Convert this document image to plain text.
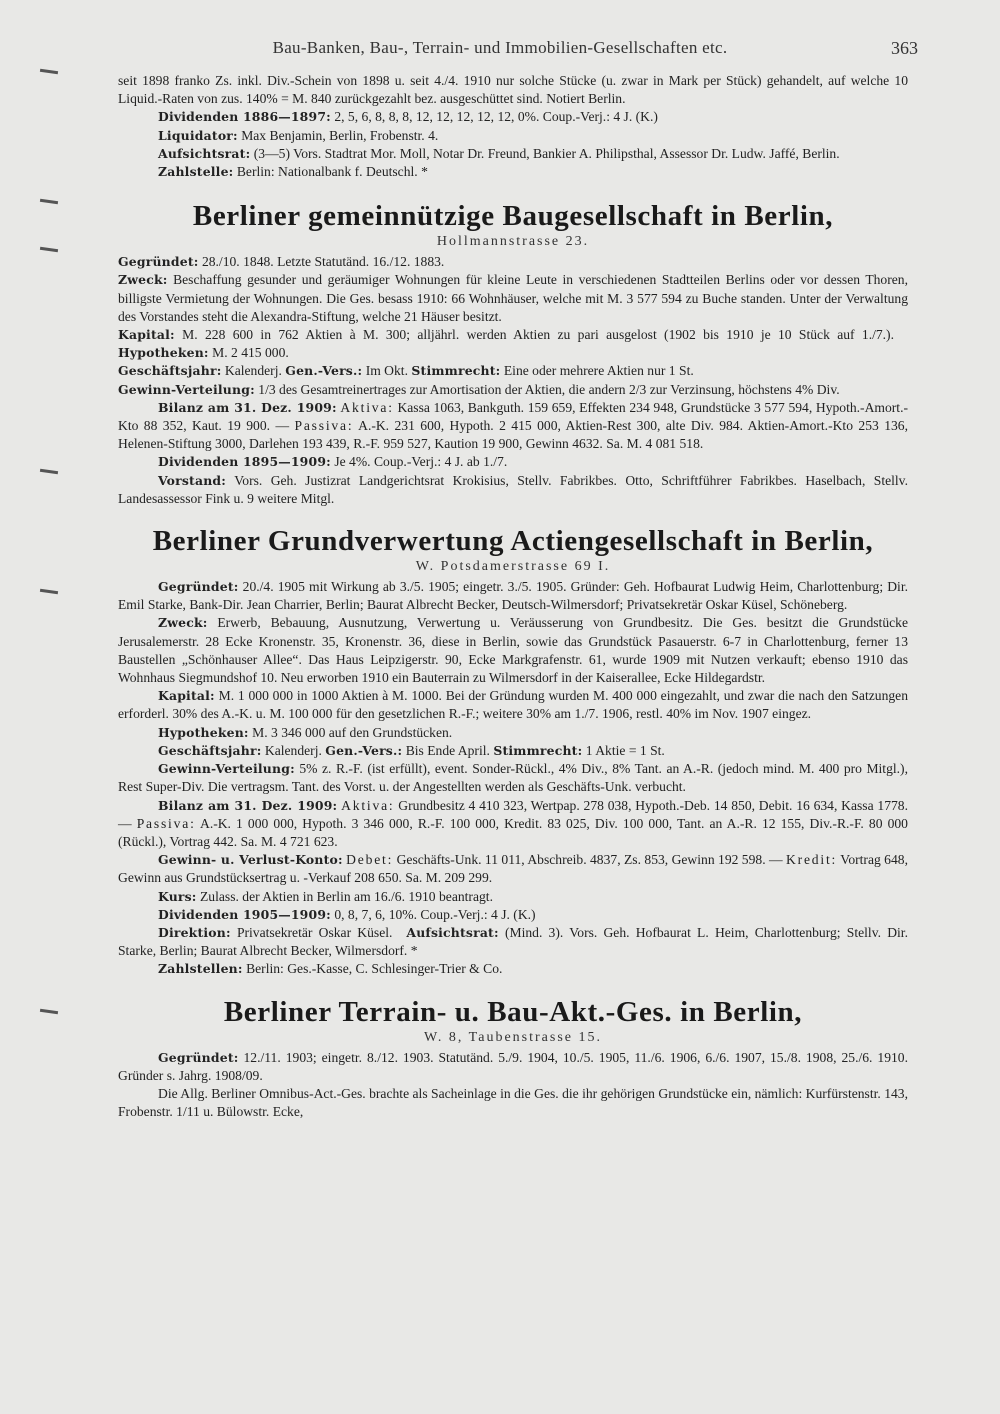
Bau-Banken, Bau-, Terrain- und Immobilien-Gesellschaften etc.	363

seit 1898 franko Zs. inkl. Div.-Schein von 1898 u. seit 4./4. 1910 nur solche Stücke (u. zwar in Mark per Stück) gehandelt, auf welche 10 Liquid.-Raten von zus. 140% = M. 840 zurückgezahlt bez. ausgeschüttet sind. Notiert Berlin.

Dividenden 1886—1897: 2, 5, 6, 8, 8, 8, 12, 12, 12, 12, 12, 0%. Coup.-Verj.: 4 J. (K.)

Liquidator: Max Benjamin, Berlin, Frobenstr. 4.

Aufsichtsrat: (3—5) Vors. Stadtrat Mor. Moll, Notar Dr. Freund, Bankier A. Philipsthal, Assessor Dr. Ludw. Jaffé, Berlin.

Zahlstelle: Berlin: Nationalbank f. Deutschl. *

Berliner gemeinnützige Baugesellschaft in Berlin,

Hollmannstrasse 23.

Gegründet: 28./10. 1848. Letzte Statutänd. 16./12. 1883.

Zweck: Beschaffung gesunder und geräumiger Wohnungen für kleine Leute in verschiedenen Stadtteilen Berlins oder vor dessen Thoren, billigste Vermietung der Wohnungen. Die Ges. besass 1910: 66 Wohnhäuser, welche mit M. 3 577 594 zu Buche standen. Unter der Verwaltung des Vorstandes steht die Alexandra-Stiftung, welche 21 Häuser besitzt.

Kapital: M. 228 600 in 762 Aktien à M. 300; alljährl. werden Aktien zu pari ausgelost (1902 bis 1910 je 10 Stück auf 1./7.).Hypotheken: M. 2 415 000.

Geschäftsjahr: Kalenderj. Gen.-Vers.: Im Okt. Stimmrecht: Eine oder mehrere Aktien nur 1 St.

Gewinn-Verteilung: 1/3 des Gesamtreinertrages zur Amortisation der Aktien, die andern 2/3 zur Verzinsung, höchstens 4% Div.

Bilanz am 31. Dez. 1909: Aktiva: Kassa 1063, Bankguth. 159 659, Effekten 234 948, Grundstücke 3 577 594, Hypoth.-Amort.-Kto 88 352, Kaut. 19 900. — Passiva: A.-K. 231 600, Hypoth. 2 415 000, Aktien-Rest 300, alte Div. 984. Aktien-Amort.-Kto 253 136, Helenen-Stiftung 3000, Darlehen 193 439, R.-F. 959 527, Kaution 19 900, Gewinn 4632. Sa. M. 4 081 518.

Dividenden 1895—1909: Je 4%. Coup.-Verj.: 4 J. ab 1./7.

Vorstand: Vors. Geh. Justizrat Landgerichtsrat Krokisius, Stellv. Fabrikbes. Otto, Schriftführer Fabrikbes. Haselbach, Stellv. Landesassessor Fink u. 9 weitere Mitgl.

Berliner Grundverwertung Actiengesellschaft in Berlin,

W. Potsdamerstrasse 69 I.

Gegründet: 20./4. 1905 mit Wirkung ab 3./5. 1905; eingetr. 3./5. 1905. Gründer: Geh. Hofbaurat Ludwig Heim, Charlottenburg; Dir. Emil Starke, Bank-Dir. Jean Charrier, Berlin; Baurat Albrecht Becker, Deutsch-Wilmersdorf; Privatsekretär Oskar Küsel, Schöneberg.

Zweck: Erwerb, Bebauung, Ausnutzung, Verwertung u. Veräusserung von Grundbesitz. Die Ges. besitzt die Grundstücke Jerusalemerstr. 28 Ecke Kronenstr. 35, Kronenstr. 36, diese in Berlin, sowie das Grundstück Pasauerstr. 6-7 in Charlottenburg, ferner 13 Baustellen „Schönhauser Allee“. Das Haus Leipzigerstr. 90, Ecke Markgrafenstr. 61, wurde 1909 mit Nutzen verkauft; ebenso 1910 das Wohnhaus Siegmundshof 10. Neu erworben 1910 ein Bauterrain zu Wilmersdorf in der Kaiserallee, Ecke Hildegardstr.

Kapital: M. 1 000 000 in 1000 Aktien à M. 1000. Bei der Gründung wurden M. 400 000 eingezahlt, und zwar die nach den Satzungen erforderl. 30% des A.-K. u. M. 100 000 für den gesetzlichen R.-F.; weitere 30% am 1./7. 1906, restl. 40% im Nov. 1907 eingez.

Hypotheken: M. 3 346 000 auf den Grundstücken.

Geschäftsjahr: Kalenderj. Gen.-Vers.: Bis Ende April. Stimmrecht: 1 Aktie = 1 St.

Gewinn-Verteilung: 5% z. R.-F. (ist erfüllt), event. Sonder-Rückl., 4% Div., 8% Tant. an A.-R. (jedoch mind. M. 400 pro Mitgl.), Rest Super-Div. Die vertragsm. Tant. des Vorst. u. der Angestellten werden als Geschäfts-Unk. verbucht.

Bilanz am 31. Dez. 1909: Aktiva: Grundbesitz 4 410 323, Wertpap. 278 038, Hypoth.-Deb. 14 850, Debit. 16 634, Kassa 1778. — Passiva: A.-K. 1 000 000, Hypoth. 3 346 000, R.-F. 100 000, Kredit. 83 025, Div. 100 000, Tant. an A.-R. 12 155, Div.-R.-F. 80 000 (Rückl.), Vortrag 442. Sa. M. 4 721 623.

Gewinn- u. Verlust-Konto: Debet: Geschäfts-Unk. 11 011, Abschreib. 4837, Zs. 853, Gewinn 192 598. — Kredit: Vortrag 648, Gewinn aus Grundstücksertrag u. -Verkauf 208 650. Sa. M. 209 299.

Kurs: Zulass. der Aktien in Berlin am 16./6. 1910 beantragt.

Dividenden 1905—1909: 0, 8, 7, 6, 10%. Coup.-Verj.: 4 J. (K.)

Direktion: Privatsekretär Oskar Küsel. Aufsichtsrat: (Mind. 3). Vors. Geh. Hofbaurat L. Heim, Charlottenburg; Stellv. Dir. Starke, Berlin; Baurat Albrecht Becker, Wilmersdorf. *

Zahlstellen: Berlin: Ges.-Kasse, C. Schlesinger-Trier & Co.

Berliner Terrain- u. Bau-Akt.-Ges. in Berlin,

W. 8, Taubenstrasse 15.

Gegründet: 12./11. 1903; eingetr. 8./12. 1903. Statutänd. 5./9. 1904, 10./5. 1905, 11./6. 1906, 6./6. 1907, 15./8. 1908, 25./6. 1910. Gründer s. Jahrg. 1908/09.

Die Allg. Berliner Omnibus-Act.-Ges. brachte als Sacheinlage in die Ges. die ihr gehörigen Grundstücke ein, nämlich: Kurfürstenstr. 143, Frobenstr. 1/11 u. Bülowstr. Ecke,
